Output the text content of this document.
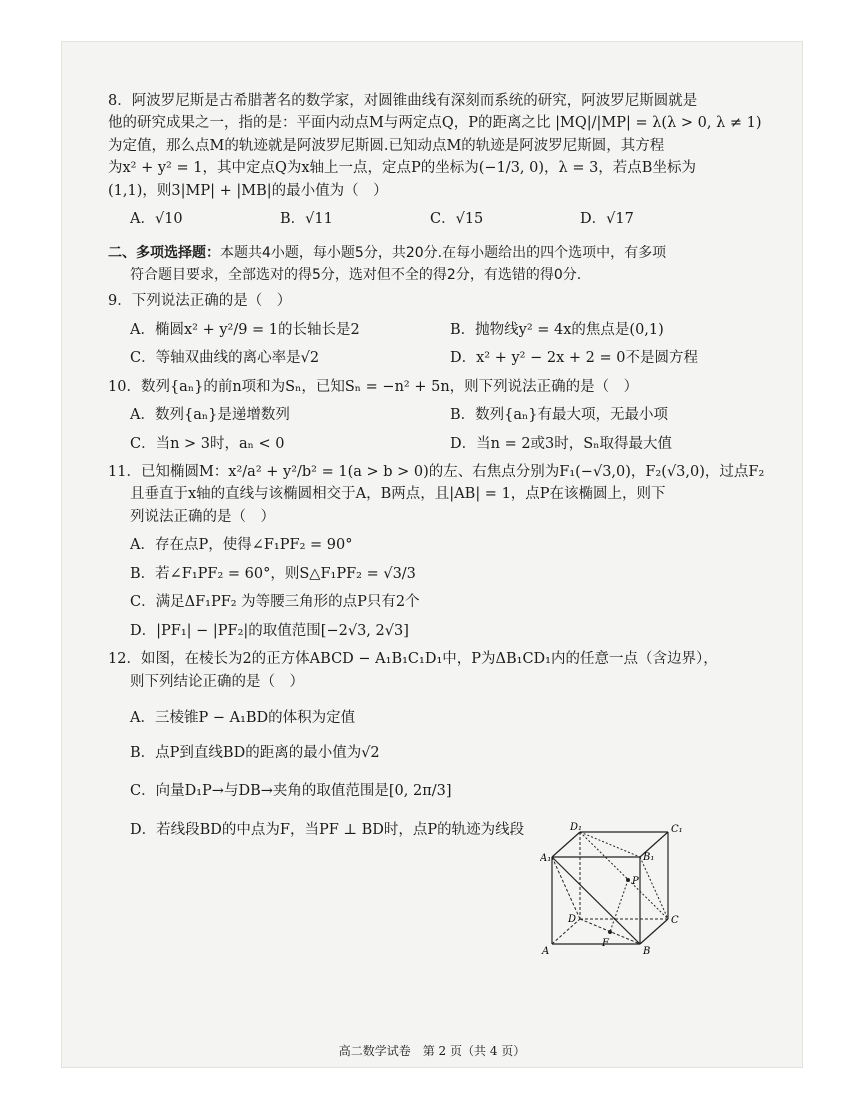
8．阿波罗尼斯是古希腊著名的数学家，对圆锥曲线有深刻而系统的研究，阿波罗尼斯圆就是
他的研究成果之一，指的是：平面内动点M与两定点Q，P的距离之比 |MQ|/|MP| = λ(λ > 0, λ ≠ 1)
为定值，那么点M的轨迹就是阿波罗尼斯圆.已知动点M的轨迹是阿波罗尼斯圆，其方程
为x² + y² = 1，其中定点Q为x轴上一点，定点P的坐标为(−1/3, 0)，λ = 3，若点B坐标为
(1,1)，则3|MP| + |MB|的最小值为（　）
A．√10	B．√11	C．√15	D．√17
二、多项选择题：本题共4小题，每小题5分，共20分.在每小题给出的四个选项中，有多项
符合题目要求，全部选对的得5分，选对但不全的得2分，有选错的得0分.
9．下列说法正确的是（　）
A．椭圆x² + y²/9 = 1的长轴长是2	B．抛物线y² = 4x的焦点是(0,1)
C．等轴双曲线的离心率是√2	D．x² + y² − 2x + 2 = 0不是圆方程
10．数列{aₙ}的前n项和为Sₙ，已知Sₙ = −n² + 5n，则下列说法正确的是（　）
A．数列{aₙ}是递增数列	B．数列{aₙ}有最大项，无最小项
C．当n > 3时，aₙ < 0	D．当n = 2或3时，Sₙ取得最大值
11．已知椭圆M：x²/a² + y²/b² = 1(a > b > 0)的左、右焦点分别为F₁(−√3,0)，F₂(√3,0)，过点F₂
且垂直于x轴的直线与该椭圆相交于A，B两点，且|AB| = 1，点P在该椭圆上，则下
列说法正确的是（　）
A．存在点P，使得∠F₁PF₂ = 90°
B．若∠F₁PF₂ = 60°，则S△F₁PF₂ = √3/3
C．满足ΔF₁PF₂ 为等腰三角形的点P只有2个
D．|PF₁| − |PF₂|的取值范围[−2√3, 2√3]
12．如图，在棱长为2的正方体ABCD − A₁B₁C₁D₁中，P为ΔB₁CD₁内的任意一点（含边界），
则下列结论正确的是（　）
A．三棱锥P − A₁BD的体积为定值
B．点P到直线BD的距离的最小值为√2
C．向量D₁P→与DB→夹角的取值范围是[0, 2π/3]
D．若线段BD的中点为F，当PF ⊥ BD时，点P的轨迹为线段	D₁	C₁
A₁	B₁
P
D	C
F
A	B
高二数学试卷　第 2 页（共 4 页）
